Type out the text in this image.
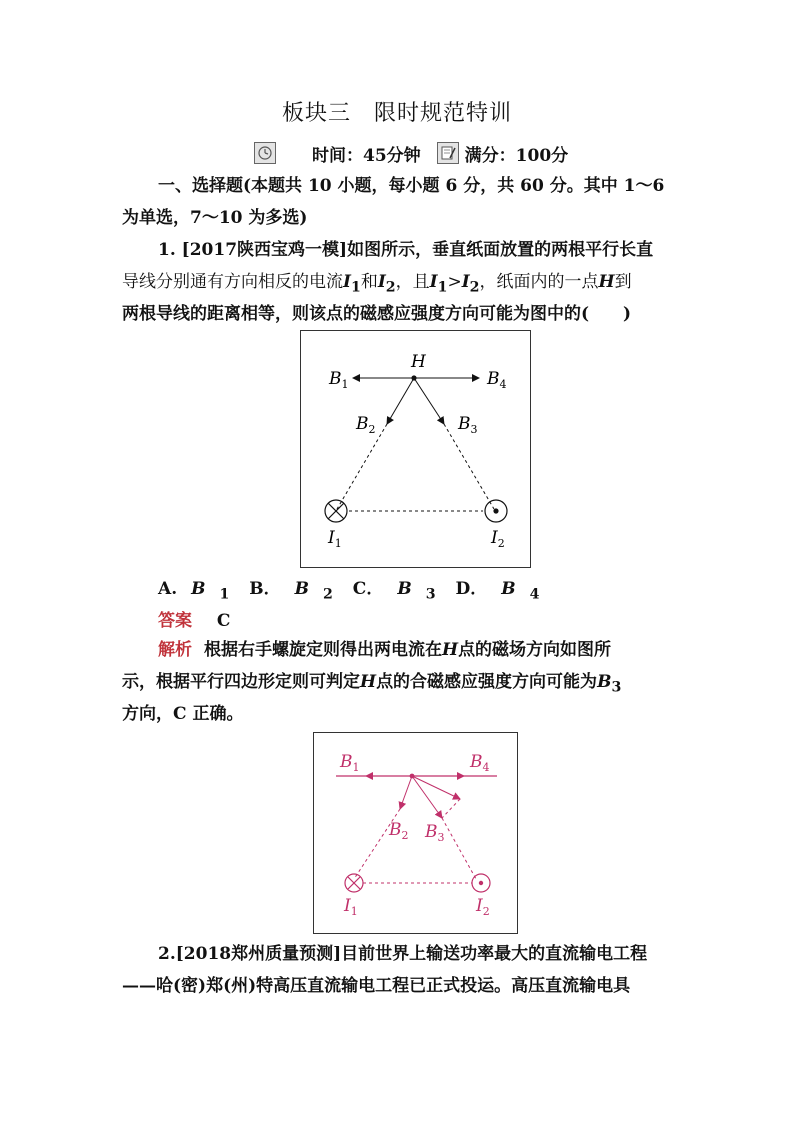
板块三　限时规范特训
时间：45分钟	满分：100分
一、选择题(本题共 10 小题，每小题 6 分，共 60 分。其中 1～6
为单选，7～10 为多选)
1. [2017陕西宝鸡一模]如图所示，垂直纸面放置的两根平行长直
导线分别通有方向相反的电流$I_1$和$I_2$，且$I_1>I_2$，纸面内的一点H到
两根导线的距离相等，则该点的磁感应强度方向可能为图中的(　　)
H
$B_1$	$B_4$
$B_2$	$B_3$
$I_1$	$I_2$
A. B $_1$ B． B $_2$ C． B $_3$ D． B $_4$
答案 C
解析 根据右手螺旋定则得出两电流在H点的磁场方向如图所
示，根据平行四边形定则可判定H点的合磁感应强度方向可能为$B_3$
方向，C 正确。
$B_1$	$B_4$
$B_2$ $B_3$
$I_1$	$I_2$
2.[2018郑州质量预测]目前世界上输送功率最大的直流输电工程
——哈(密)郑(州)特高压直流输电工程已正式投运。高压直流输电具
